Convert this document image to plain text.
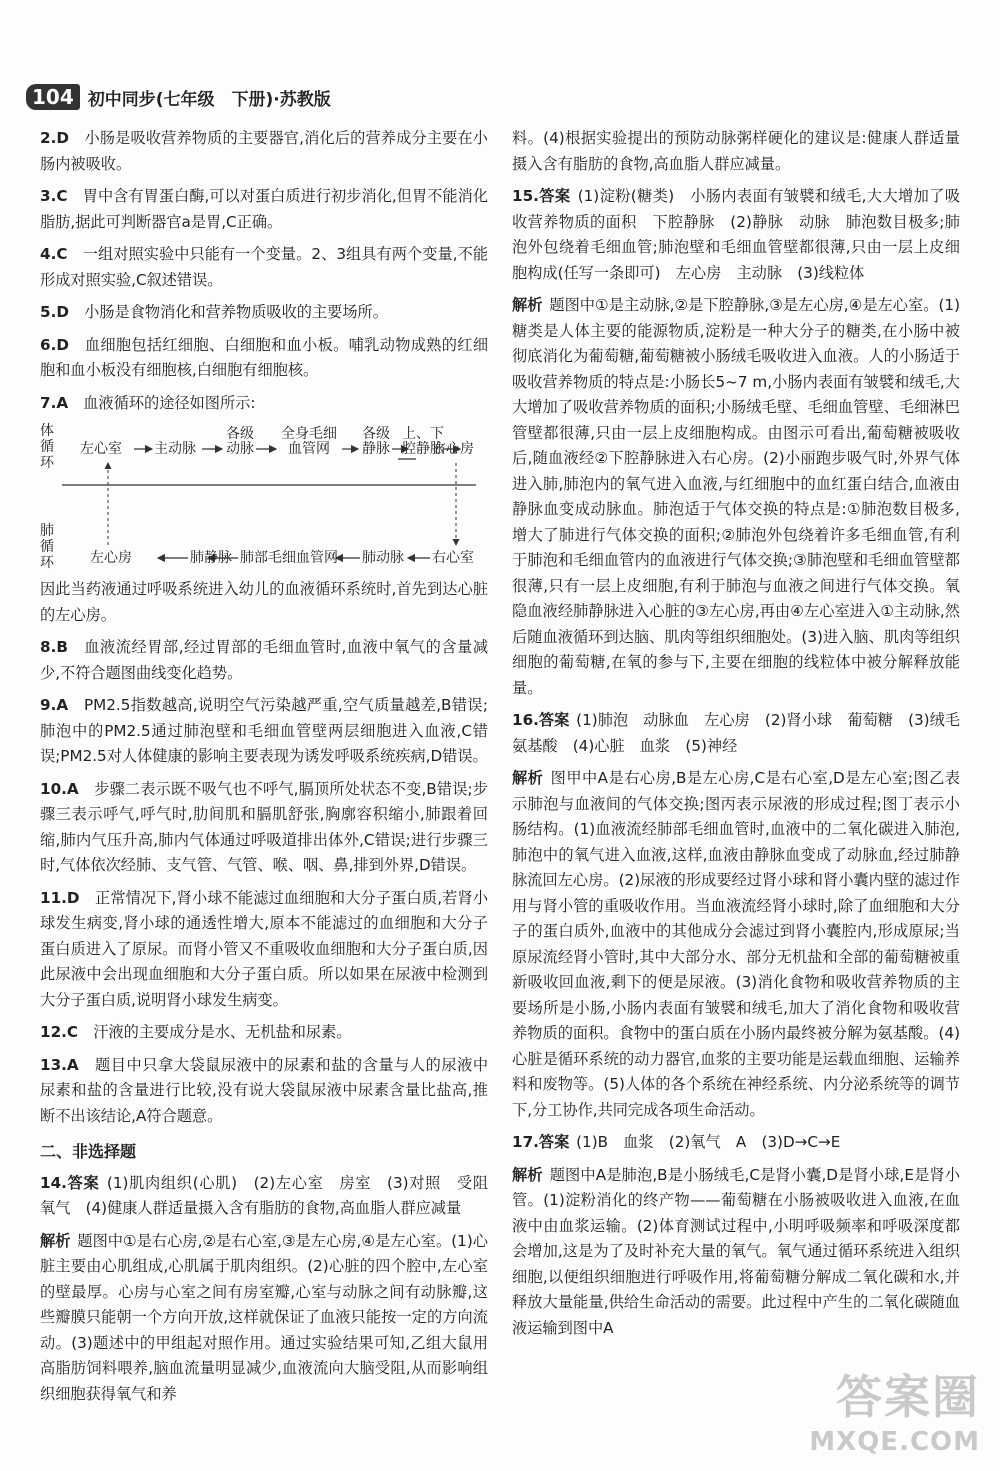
104 初中同步(七年级　下册)·苏教版
2.D　 小肠是吸收营养物质的主要器官,消化后的营养成分主要在小肠内被吸收。
3.C　 胃中含有胃蛋白酶,可以对蛋白质进行初步消化,但胃不能消化脂肪,据此可判断器官a是胃,C正确。
4.C　 一组对照实验中只能有一个变量。2、3组具有两个变量,不能形成对照实验,C叙述错误。
5.D　 小肠是食物消化和营养物质吸收的主要场所。
6.D　 血细胞包括红细胞、白细胞和血小板。哺乳动物成熟的红细胞和血小板没有细胞核,白细胞有细胞核。
7.A　 血液循环的途径如图所示:
体循环
左心室 主动脉
各级动脉
全身毛细血管网
各级静脉
上、下腔静脉
右心房
肺循环	左心房	肺静脉 肺部毛细血管网 肺动脉 右心室
因此当药液通过呼吸系统进入幼儿的血液循环系统时,首先到达心脏的左心房。
8.B　 血液流经胃部,经过胃部的毛细血管时,血液中氧气的含量减少,不符合题图曲线变化趋势。
9.A　 PM2.5指数越高,说明空气污染越严重,空气质量越差,B错误;肺泡中的PM2.5通过肺泡壁和毛细血管壁两层细胞进入血液,C错误;PM2.5对人体健康的影响主要表现为诱发呼吸系统疾病,D错误。
10.A　 步骤二表示既不吸气也不呼气,膈顶所处状态不变,B错误;步骤三表示呼气,呼气时,肋间肌和膈肌舒张,胸廓容积缩小,肺跟着回缩,肺内气压升高,肺内气体通过呼吸道排出体外,C错误;进行步骤三时,气体依次经肺、支气管、气管、喉、咽、鼻,排到外界,D错误。
11.D　 正常情况下,肾小球不能滤过血细胞和大分子蛋白质,若肾小球发生病变,肾小球的通透性增大,原本不能滤过的血细胞和大分子蛋白质进入了原尿。而肾小管又不重吸收血细胞和大分子蛋白质,因此尿液中会出现血细胞和大分子蛋白质。所以如果在尿液中检测到大分子蛋白质,说明肾小球发生病变。
12.C　 汗液的主要成分是水、无机盐和尿素。
13.A　 题目中只拿大袋鼠尿液中的尿素和盐的含量与人的尿液中尿素和盐的含量进行比较,没有说大袋鼠尿液中尿素含量比盐高,推断不出该结论,A符合题意。
二、非选择题
14.答案 (1)肌肉组织(心肌)　(2)左心室　房室　(3)对照　受阻　氧气　(4)健康人群适量摄入含有脂肪的食物,高血脂人群应减量
解析 题图中①是右心房,②是右心室,③是左心房,④是左心室。(1)心脏主要由心肌组成,心肌属于肌肉组织。(2)心脏的四个腔中,左心室的壁最厚。心房与心室之间有房室瓣,心室与动脉之间有动脉瓣,这些瓣膜只能朝一个方向开放,这样就保证了血液只能按一定的方向流动。(3)题述中的甲组起对照作用。通过实验结果可知,乙组大鼠用高脂肪饲料喂养,脑血流量明显减少,血液流向大脑受阻,从而影响组织细胞获得氧气和养
料。(4)根据实验提出的预防动脉粥样硬化的建议是:健康人群适量摄入含有脂肪的食物,高血脂人群应减量。
15.答案 (1)淀粉(糖类)　小肠内表面有皱襞和绒毛,大大增加了吸收营养物质的面积　下腔静脉　(2)静脉　动脉　肺泡数目极多;肺泡外包绕着毛细血管;肺泡壁和毛细血管壁都很薄,只由一层上皮细胞构成(任写一条即可)　左心房　主动脉　(3)线粒体
解析 题图中①是主动脉,②是下腔静脉,③是左心房,④是左心室。(1)糖类是人体主要的能源物质,淀粉是一种大分子的糖类,在小肠中被彻底消化为葡萄糖,葡萄糖被小肠绒毛吸收进入血液。人的小肠适于吸收营养物质的特点是:小肠长5~7 m,小肠内表面有皱襞和绒毛,大大增加了吸收营养物质的面积;小肠绒毛壁、毛细血管壁、毛细淋巴管壁都很薄,只由一层上皮细胞构成。由图示可看出,葡萄糖被吸收后,随血液经②下腔静脉进入右心房。(2)小丽跑步吸气时,外界气体进入肺,肺泡内的氧气进入血液,与红细胞中的血红蛋白结合,血液由静脉血变成动脉血。肺泡适于气体交换的特点是:①肺泡数目极多,增大了肺进行气体交换的面积;②肺泡外包绕着许多毛细血管,有利于肺泡和毛细血管内的血液进行气体交换;③肺泡壁和毛细血管壁都很薄,只有一层上皮细胞,有利于肺泡与血液之间进行气体交换。氧隐血液经肺静脉进入心脏的③左心房,再由④左心室进入①主动脉,然后随血液循环到达脑、肌肉等组织细胞处。(3)进入脑、肌肉等组织细胞的葡萄糖,在氧的参与下,主要在细胞的线粒体中被分解释放能量。
16.答案 (1)肺泡　动脉血　左心房　(2)肾小球　葡萄糖　(3)绒毛　氨基酸　(4)心脏　血浆　(5)神经
解析 图甲中A是右心房,B是左心房,C是右心室,D是左心室;图乙表示肺泡与血液间的气体交换;图丙表示尿液的形成过程;图丁表示小肠结构。(1)血液流经肺部毛细血管时,血液中的二氧化碳进入肺泡,肺泡中的氧气进入血液,这样,血液由静脉血变成了动脉血,经过肺静脉流回左心房。(2)尿液的形成要经过肾小球和肾小囊内壁的滤过作用与肾小管的重吸收作用。当血液流经肾小球时,除了血细胞和大分子的蛋白质外,血液中的其他成分会滤过到肾小囊腔内,形成原尿;当原尿流经肾小管时,其中大部分水、部分无机盐和全部的葡萄糖被重新吸收回血液,剩下的便是尿液。(3)消化食物和吸收营养物质的主要场所是小肠,小肠内表面有皱襞和绒毛,加大了消化食物和吸收营养物质的面积。食物中的蛋白质在小肠内最终被分解为氨基酸。(4)心脏是循环系统的动力器官,血浆的主要功能是运载血细胞、运输养料和废物等。(5)人体的各个系统在神经系统、内分泌系统等的调节下,分工协作,共同完成各项生命活动。
17.答案 (1)B　血浆　(2)氧气　A　(3)D→C→E
解析 题图中A是肺泡,B是小肠绒毛,C是肾小囊,D是肾小球,E是肾小管。(1)淀粉消化的终产物——葡萄糖在小肠被吸收进入血液,在血液中由血浆运输。(2)体育测试过程中,小明呼吸频率和呼吸深度都会增加,这是为了及时补充大量的氧气。氧气通过循环系统进入组织细胞,以便组织细胞进行呼吸作用,将葡萄糖分解成二氧化碳和水,并释放大量能量,供给生命活动的需要。此过程中产生的二氧化碳随血液运输到图中A
答案圈
MXQE.COM
